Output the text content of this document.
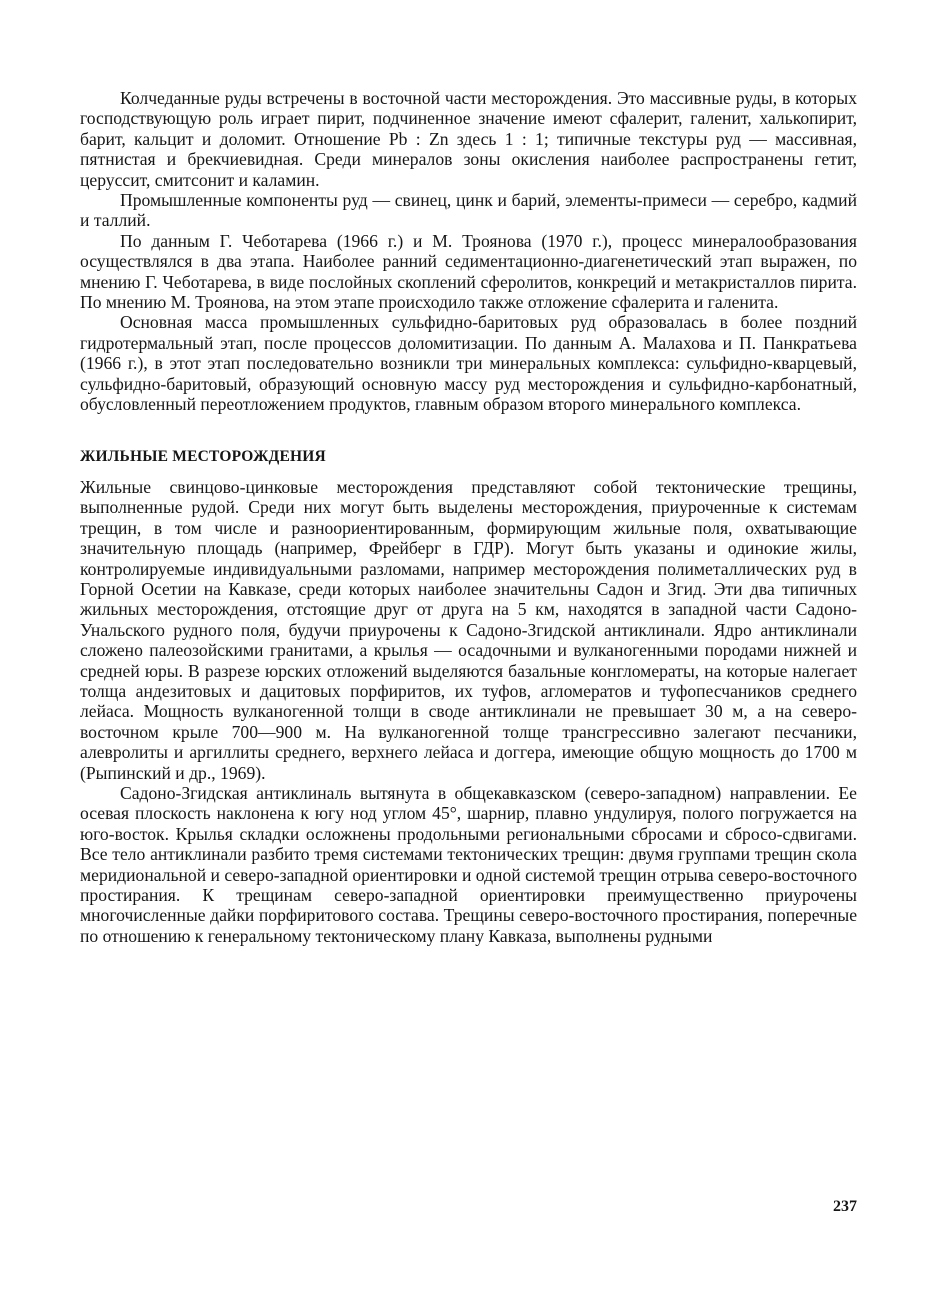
Колчеданные руды встречены в восточной части месторождения. Это массивные руды, в которых господствующую роль играет пирит, подчиненное значение имеют сфалерит, галенит, халькопирит, барит, кальцит и доломит. Отношение Pb : Zn здесь 1 : 1; типичные текстуры руд — массивная, пятнистая и брекчиевидная. Среди минералов зоны окисления наиболее распространены гетит, церуссит, смитсонит и каламин.

Промышленные компоненты руд — свинец, цинк и барий, элементы-примеси — серебро, кадмий и таллий.

По данным Г. Чеботарева (1966 г.) и М. Троянова (1970 г.), процесс минералообразования осуществлялся в два этапа. Наиболее ранний седиментационно-диагенетический этап выражен, по мнению Г. Чеботарева, в виде послойных скоплений сферолитов, конкреций и метакристаллов пирита. По мнению М. Троянова, на этом этапе происходило также отложение сфалерита и галенита.

Основная масса промышленных сульфидно-баритовых руд образовалась в более поздний гидротермальный этап, после процессов доломитизации. По данным А. Малахова и П. Панкратьева (1966 г.), в этот этап последовательно возникли три минеральных комплекса: сульфидно-кварцевый, сульфидно-баритовый, образующий основную массу руд месторождения и сульфидно-карбонатный, обусловленный переотложением продуктов, главным образом второго минерального комплекса.

ЖИЛЬНЫЕ МЕСТОРОЖДЕНИЯ

Жильные свинцово-цинковые месторождения представляют собой тектонические трещины, выполненные рудой. Среди них могут быть выделены месторождения, приуроченные к системам трещин, в том числе и разноориентированным, формирующим жильные поля, охватывающие значительную площадь (например, Фрейберг в ГДР). Могут быть указаны и одинокие жилы, контролируемые индивидуальными разломами, например месторождения полиметаллических руд в Горной Осетии на Кавказе, среди которых наиболее значительны Садон и Згид. Эти два типичных жильных месторождения, отстоящие друг от друга на 5 км, находятся в западной части Садоно-Унальского рудного поля, будучи приурочены к Садоно-Згидской антиклинали. Ядро антиклинали сложено палеозойскими гранитами, а крылья — осадочными и вулканогенными породами нижней и средней юры. В разрезе юрских отложений выделяются базальные конгломераты, на которые налегает толща андезитовых и дацитовых порфиритов, их туфов, агломератов и туфопесчаников среднего лейаса. Мощность вулканогенной толщи в своде антиклинали не превышает 30 м, а на северо-восточном крыле 700—900 м. На вулканогенной толще трансгрессивно залегают песчаники, алевролиты и аргиллиты среднего, верхнего лейаса и доггера, имеющие общую мощность до 1700 м (Рыпинский и др., 1969).

Садоно-Згидская антиклиналь вытянута в общекавказском (северо-западном) направлении. Ее осевая плоскость наклонена к югу нод углом 45°, шарнир, плавно ундулируя, полого погружается на юго-восток. Крылья складки осложнены продольными региональными сбросами и сбросо-сдвигами. Все тело антиклинали разбито тремя системами тектонических трещин: двумя группами трещин скола меридиональной и северо-западной ориентировки и одной системой трещин отрыва северо-восточного простирания. К трещинам северо-западной ориентировки преимущественно приурочены многочисленные дайки порфиритового состава. Трещины северо-восточного простирания, поперечные по отношению к генеральному тектоническому плану Кавказа, выполнены рудными

237
